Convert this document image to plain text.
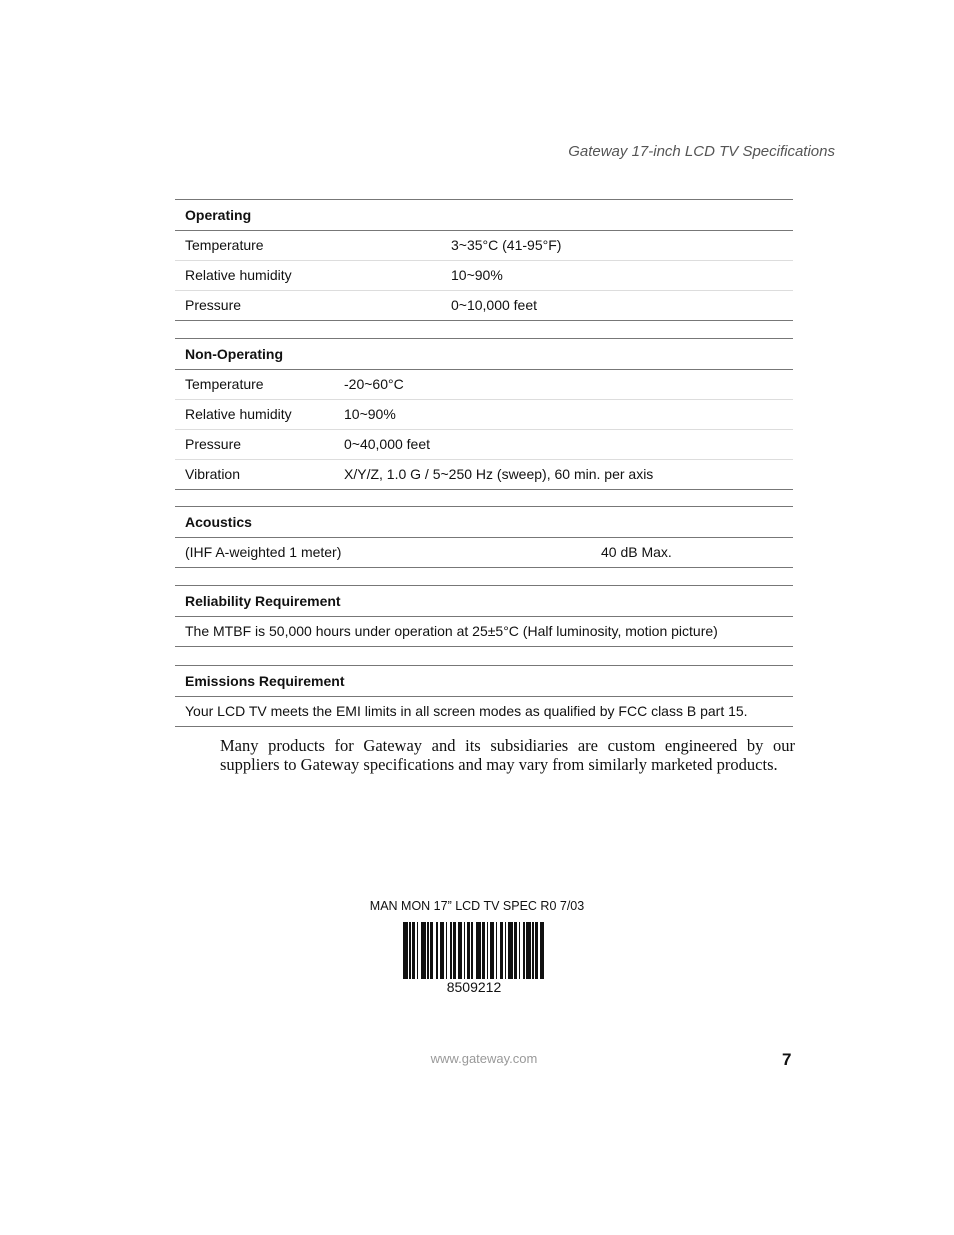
Gateway 17-inch LCD TV Specifications
Operating
Temperature	3~35°C (41-95°F)
Relative humidity	10~90%
Pressure	0~10,000 feet
Non-Operating
Temperature	-20~60°C
Relative humidity	10~90%
Pressure	0~40,000 feet
Vibration	X/Y/Z, 1.0 G / 5~250 Hz (sweep), 60 min. per axis
Acoustics
(IHF A-weighted 1 meter)	40 dB Max.
Reliability Requirement
The MTBF is 50,000 hours under operation at 25±5°C (Half luminosity, motion picture)
Emissions Requirement
Your LCD TV meets the EMI limits in all screen modes as qualified by FCC class B part 15.
Many products for Gateway and its subsidiaries are custom engineered by our suppliers to Gateway specifications and may vary from similarly marketed products.
MAN MON 17” LCD TV SPEC R0 7/03
8509212
www.gateway.com	7
